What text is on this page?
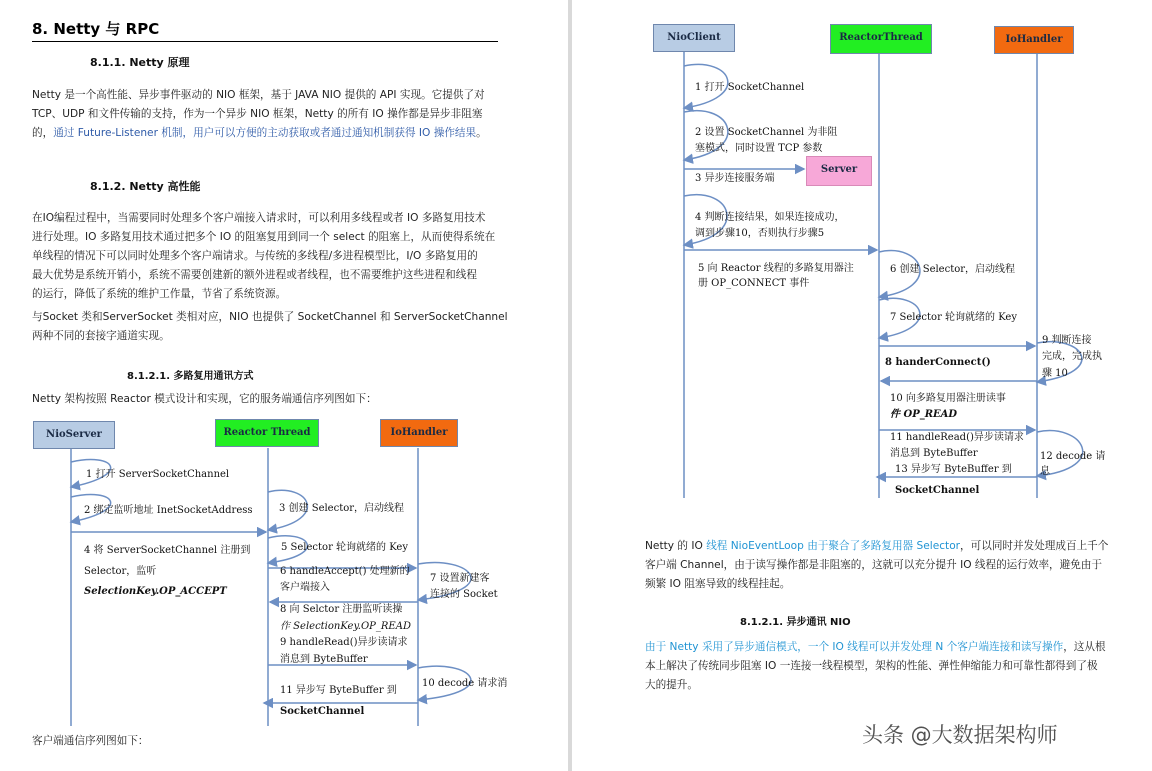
8. Netty 与 RPC
8.1.1. Netty 原理
Netty 是一个高性能、异步事件驱动的 NIO 框架，基于 JAVA NIO 提供的 API 实现。它提供了对
TCP、UDP 和文件传输的支持，作为一个异步 NIO 框架，Netty 的所有 IO 操作都是异步非阻塞
的，通过 Future-Listener 机制，用户可以方便的主动获取或者通过通知机制获得 IO 操作结果。
8.1.2. Netty 高性能
在IO编程过程中，当需要同时处理多个客户端接入请求时，可以利用多线程或者 IO 多路复用技术
进行处理。IO 多路复用技术通过把多个 IO 的阻塞复用到同一个 select 的阻塞上，从而使得系统在
单线程的情况下可以同时处理多个客户端请求。与传统的多线程/多进程模型比，I/O 多路复用的
最大优势是系统开销小，系统不需要创建新的额外进程或者线程，也不需要维护这些进程和线程
的运行，降低了系统的维护工作量，节省了系统资源。
与Socket 类和ServerSocket 类相对应，NIO 也提供了 SocketChannel 和 ServerSocketChannel
两种不同的套接字通道实现。
8.1.2.1. 多路复用通讯方式
Netty 架构按照 Reactor 模式设计和实现，它的服务端通信序列图如下：
NioServer	Reactor Thread	IoHandler
1 打开 ServerSocketChannel
2 绑定监听地址 InetSocketAddress	3 创建 Selector，启动线程
4 将 ServerSocketChannel 注册到
Selector，监听
SelectionKey.OP_ACCEPT
5 Selector 轮询就绪的 Key
6 handleAccept() 处理新的
客户端接入
7 设置新建客
连接的 Socket
8 向 Selctor 注册监听读操
作 SelectionKey.OP_READ
9 handleRead()异步读请求
消息到 ByteBuffer
10 decode 请求消
11 异步写 ByteBuffer 到
SocketChannel
客户端通信序列图如下：
NioClient	ReactorThread	IoHandler
Server
1 打开 SocketChannel
2 设置 SocketChannel 为非阻
塞模式，同时设置 TCP 参数
3 异步连接服务端
4 判断连接结果，如果连接成功，
调到步骤10，否则执行步骤5
5 向 Reactor 线程的多路复用器注
册 OP_CONNECT 事件
6 创建 Selector，启动线程
7 Selector 轮询就绪的 Key
8 handerConnect()
9 判断连接
完成，完成执
骤 10
10 向多路复用器注册读事
件 OP_READ
11 handleRead()异步读请求
消息到 ByteBuffer	12 decode 请
息
13 异步写 ByteBuffer 到
SocketChannel
Netty 的 IO 线程 NioEventLoop 由于聚合了多路复用器 Selector，可以同时并发处理成百上千个
客户端 Channel，由于读写操作都是非阻塞的，这就可以充分提升 IO 线程的运行效率，避免由于
频繁 IO 阻塞导致的线程挂起。
8.1.2.1. 异步通讯 NIO
由于 Netty 采用了异步通信模式，一个 IO 线程可以并发处理 N 个客户端连接和读写操作，这从根
本上解决了传统同步阻塞 IO 一连接一线程模型，架构的性能、弹性伸缩能力和可靠性都得到了极
大的提升。
头条 @大数据架构师
